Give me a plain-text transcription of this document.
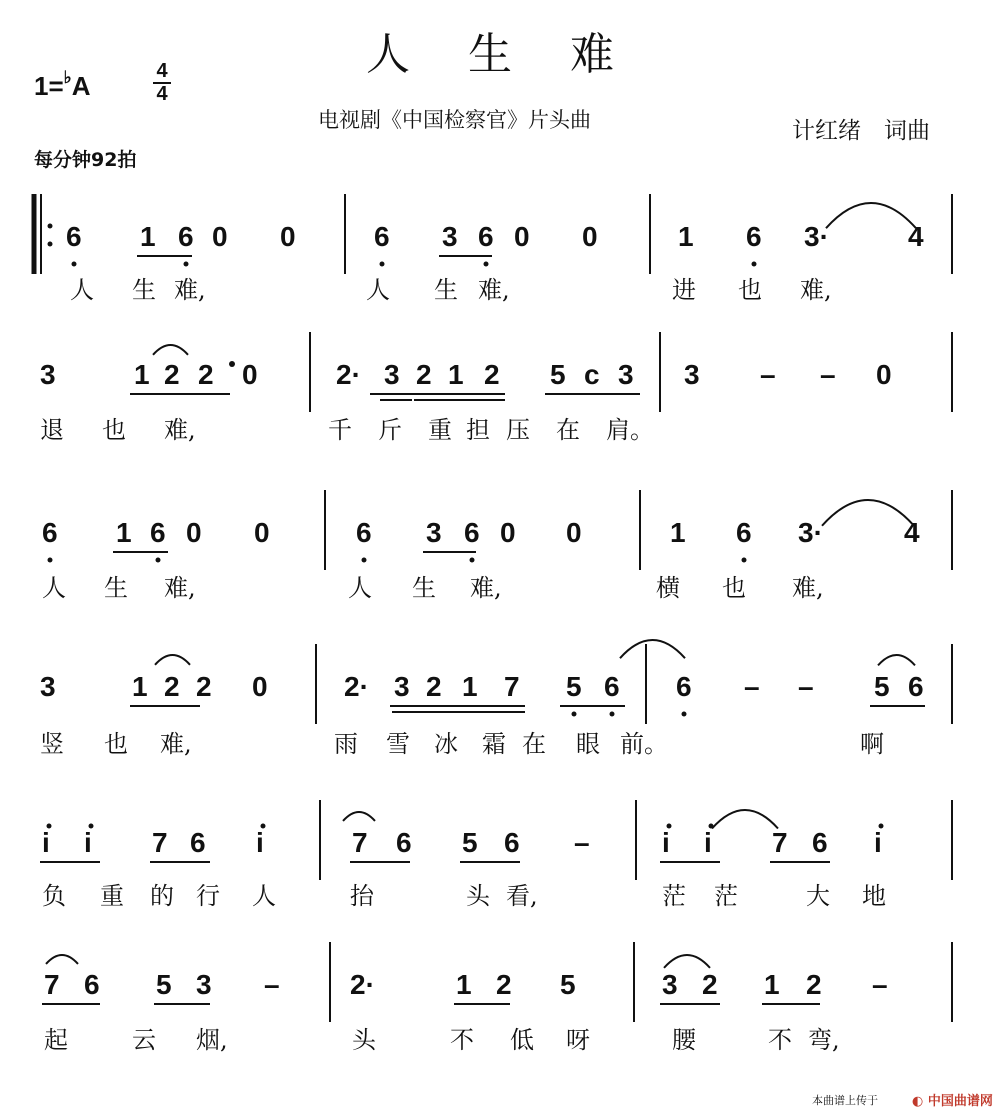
人生难
1=♭A	4
4
电视剧《中国检察官》片头曲	计红绪　词曲
每分钟92拍
本曲谱上传于	◐ 中国曲谱网
6 1 6 0 0	6 3 6 0 0	1 6 3·	4
人 生 难,	人 生 难,	进 也 难,
3	1 2 2 0	2· 3 2 1 2 5 c 3 3 – – 0
退 也 难,	千 斤 重 担 压 在 肩。
6 1 6 0 0	6 3 6 0 0	1 6 3·	4
人 生 难,	人 生 难,	横 也 难,
3	1 2 2 0	2· 3 2 1 7 5 6 6 – – 5 6
竖 也 难,	雨 雪 冰 霜 在 眼 前。	啊
i i 7 6 i	7 6 5 6 –	i i 7 6 i
负 重 的 行 人	抬	头 看,	茫 茫	大 地
7 6 5 3 –	2·	1 2 5	3 2 1 2 –
起	云 烟,	头	不 低 呀	腰	不 弯,
